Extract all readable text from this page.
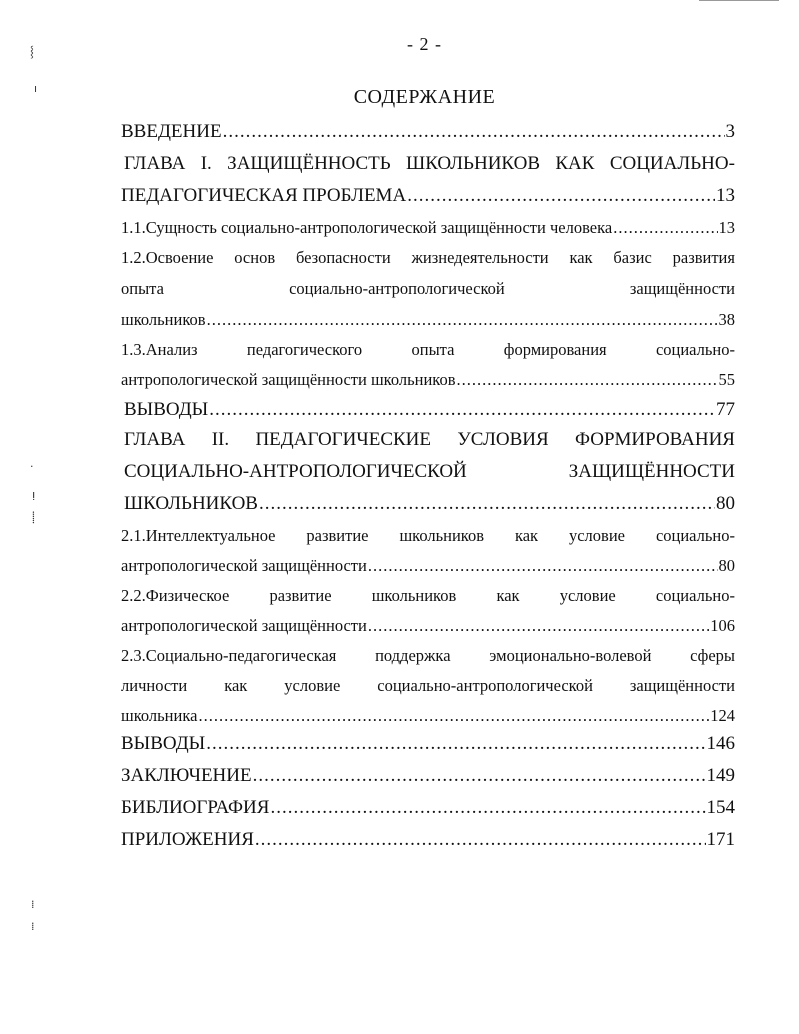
⸾
ı
·
ⵑ
⸽
⁞
⁞
- 2 -
СОДЕРЖАНИЕ
ВВЕДЕНИЕ .....	3
ГЛАВА I. ЗАЩИЩЁННОСТЬ ШКОЛЬНИКОВ КАК СОЦИАЛЬНО-
ПЕДАГОГИЧЕСКАЯ ПРОБЛЕМА .....	13
1.1.Сущность социально-антропологической защищённости человека .....	13
1.2.Освоение основ безопасности жизнедеятельности как базис развития
опыта	социально-антропологической	защищённости
школьников .....	38
1.3.Анализ	педагогического	опыта	формирования	социально-
антропологической защищённости школьников .....	55
ВЫВОДЫ .....	77
ГЛАВА II. ПЕДАГОГИЧЕСКИЕ УСЛОВИЯ ФОРМИРОВАНИЯ
СОЦИАЛЬНО-АНТРОПОЛОГИЧЕСКОЙ	ЗАЩИЩЁННОСТИ
ШКОЛЬНИКОВ .....	80
2.1.Интеллектуальное развитие школьников как условие социально-
антропологической защищённости .....	80
2.2.Физическое развитие школьников как условие социально-
антропологической защищённости .....	106
2.3.Социально-педагогическая поддержка эмоционально-волевой сферы
личности как условие социально-антропологической защищённости
школьника .....	124
ВЫВОДЫ .....	146
ЗАКЛЮЧЕНИЕ .....	149
БИБЛИОГРАФИЯ .....	154
ПРИЛОЖЕНИЯ .....	171
